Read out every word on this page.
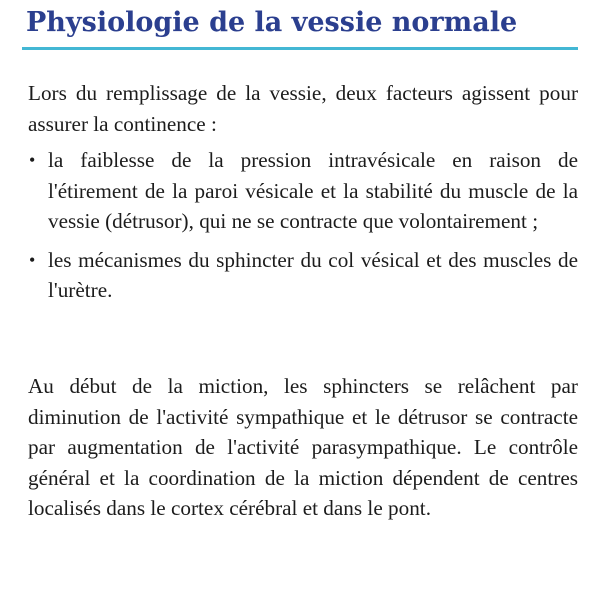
Physiologie de la vessie normale

Lors du remplissage de la vessie, deux facteurs agissent pour assurer la continence :

• la faiblesse de la pression intravésicale en raison de l'étirement de la paroi vésicale et la stabilité du muscle de la vessie (détrusor), qui ne se contracte que volontairement ;
• les mécanismes du sphincter du col vésical et des muscles de l'urètre.

Au début de la miction, les sphincters se relâchent par diminution de l'activité sympathique et le détrusor se contracte par augmentation de l'activité parasympathique. Le contrôle général et la coordination de la miction dépendent de centres localisés dans le cortex cérébral et dans le pont.
